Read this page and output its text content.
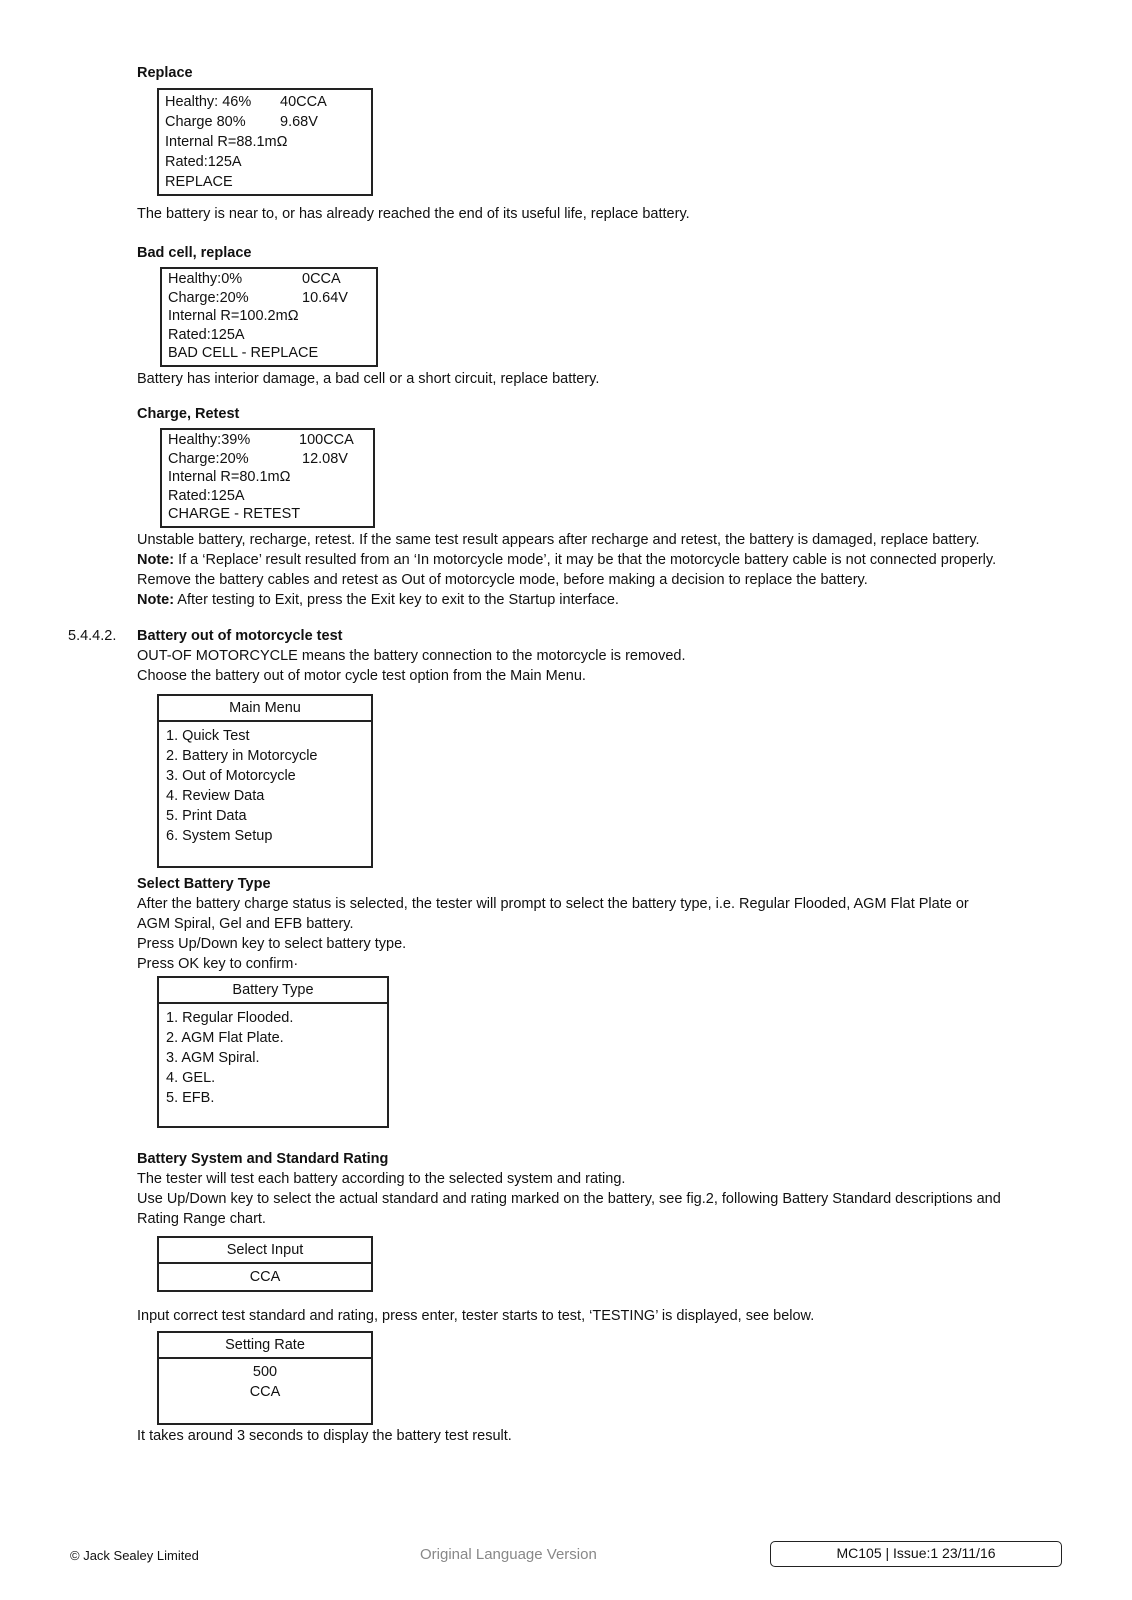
Replace
Healthy: 46% 40CCA
Charge 80% 9.68V
Internal R=88.1mΩ
Rated:125A
REPLACE
The battery is near to, or has already reached the end of its useful life, replace battery.
Bad cell, replace
Healthy:0%	0CCA
Charge:20%	10.64V
Internal R=100.2mΩ
Rated:125A
BAD CELL - REPLACE
Battery has interior damage, a bad cell or a short circuit, replace battery.
Charge, Retest
Healthy:39%	100CCA
Charge:20%	12.08V
Internal R=80.1mΩ
Rated:125A
CHARGE - RETEST
Unstable battery, recharge, retest. If the same test result appears after recharge and retest, the battery is damaged, replace battery.
Note: If a ‘Replace’ result resulted from an ‘In motorcycle mode’, it may be that the motorcycle battery cable is not connected properly.
Remove the battery cables and retest as Out of motorcycle mode, before making a decision to replace the battery.
Note: After testing to Exit, press the Exit key to exit to the Startup interface.
5.4.4.2. Battery out of motorcycle test
OUT-OF MOTORCYCLE means the battery connection to the motorcycle is removed.
Choose the battery out of motor cycle test option from the Main Menu.
Main Menu
1. Quick Test
2. Battery in Motorcycle
3. Out of Motorcycle
4. Review Data
5. Print Data
6. System Setup
Select Battery Type
After the battery charge status is selected, the tester will prompt to select the battery type, i.e. Regular Flooded, AGM Flat Plate or
AGM Spiral, Gel and EFB battery.
Press Up/Down key to select battery type.
Press OK key to confirm·
Battery Type
1. Regular Flooded.
2. AGM Flat Plate.
3. AGM Spiral.
4. GEL.
5. EFB.
Battery System and Standard Rating
The tester will test each battery according to the selected system and rating.
Use Up/Down key to select the actual standard and rating marked on the battery, see fig.2, following Battery Standard descriptions and
Rating Range chart.
Select Input
CCA
Input correct test standard and rating, press enter, tester starts to test, ‘TESTING’ is displayed, see below.
Setting Rate
500
CCA
It takes around 3 seconds to display the battery test result.
© Jack Sealey Limited	Original Language Version	MC105 | Issue:1 23/11/16
